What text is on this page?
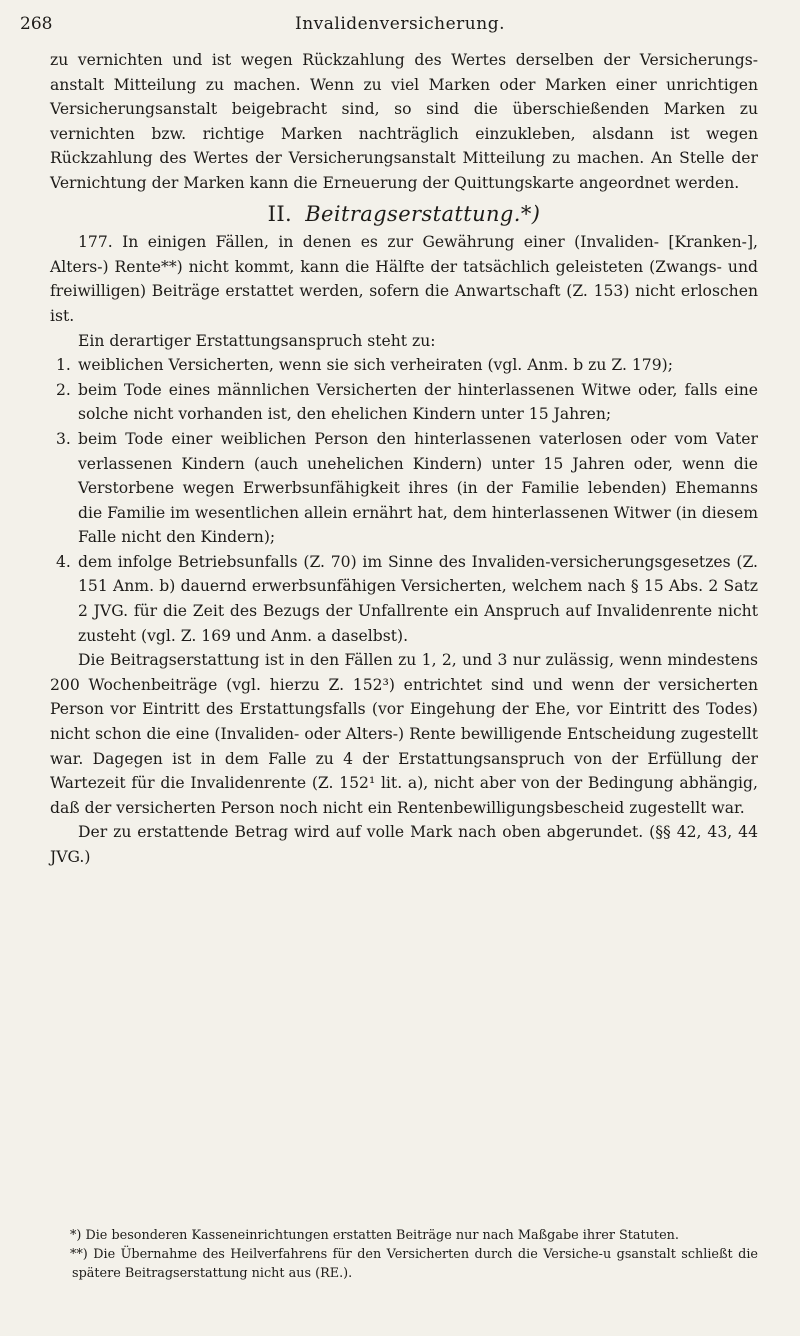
268	Invalidenversicherung.

zu vernichten und ist wegen Rückzahlung des Wertes derselben der Versicherungs-anstalt Mitteilung zu machen. Wenn zu viel Marken oder Marken einer unrichtigen Versicherungsanstalt beigebracht sind, so sind die überschießenden Marken zu vernichten bzw. richtige Marken nachträglich einzukleben, alsdann ist wegen Rückzahlung des Wertes der Versicherungsanstalt Mitteilung zu machen. An Stelle der Vernichtung der Marken kann die Erneuerung der Quittungskarte angeordnet werden.

II. Beitragserstattung.*)

177. In einigen Fällen, in denen es zur Gewährung einer (Invaliden- [Kranken-], Alters-) Rente**) nicht kommt, kann die Hälfte der tatsächlich geleisteten (Zwangs- und freiwilligen) Beiträge erstattet werden, sofern die Anwartschaft (Z. 153) nicht erloschen ist.

Ein derartiger Erstattungsanspruch steht zu:

1. weiblichen Versicherten, wenn sie sich verheiraten (vgl. Anm. b zu Z. 179);
2. beim Tode eines männlichen Versicherten der hinterlassenen Witwe oder, falls eine solche nicht vorhanden ist, den ehelichen Kindern unter 15 Jahren;
3. beim Tode einer weiblichen Person den hinterlassenen vaterlosen oder vom Vater verlassenen Kindern (auch unehelichen Kindern) unter 15 Jahren oder, wenn die Verstorbene wegen Erwerbsunfähigkeit ihres (in der Familie lebenden) Ehemanns die Familie im wesentlichen allein ernährt hat, dem hinterlassenen Witwer (in diesem Falle nicht den Kindern);
4. dem infolge Betriebsunfalls (Z. 70) im Sinne des Invaliden-versicherungsgesetzes (Z. 151 Anm. b) dauernd erwerbsunfähigen Versicherten, welchem nach § 15 Abs. 2 Satz 2 JVG. für die Zeit des Bezugs der Unfallrente ein Anspruch auf Invalidenrente nicht zusteht (vgl. Z. 169 und Anm. a daselbst).

Die Beitragserstattung ist in den Fällen zu 1, 2, und 3 nur zulässig, wenn mindestens 200 Wochenbeiträge (vgl. hierzu Z. 152³) entrichtet sind und wenn der versicherten Person vor Eintritt des Erstattungsfalls (vor Eingehung der Ehe, vor Eintritt des Todes) nicht schon die eine (Invaliden- oder Alters-) Rente bewilligende Entscheidung zugestellt war. Dagegen ist in dem Falle zu 4 der Erstattungsanspruch von der Erfüllung der Wartezeit für die Invalidenrente (Z. 152¹ lit. a), nicht aber von der Bedingung abhängig, daß der versicherten Person noch nicht ein Rentenbewilligungsbescheid zugestellt war.

Der zu erstattende Betrag wird auf volle Mark nach oben abgerundet. (§§ 42, 43, 44 JVG.)

*) Die besonderen Kasseneinrichtungen erstatten Beiträge nur nach Maßgabe ihrer Statuten.

**) Die Übernahme des Heilverfahrens für den Versicherten durch die Versiche-u gsanstalt schließt die spätere Beitragserstattung nicht aus (RE.).
